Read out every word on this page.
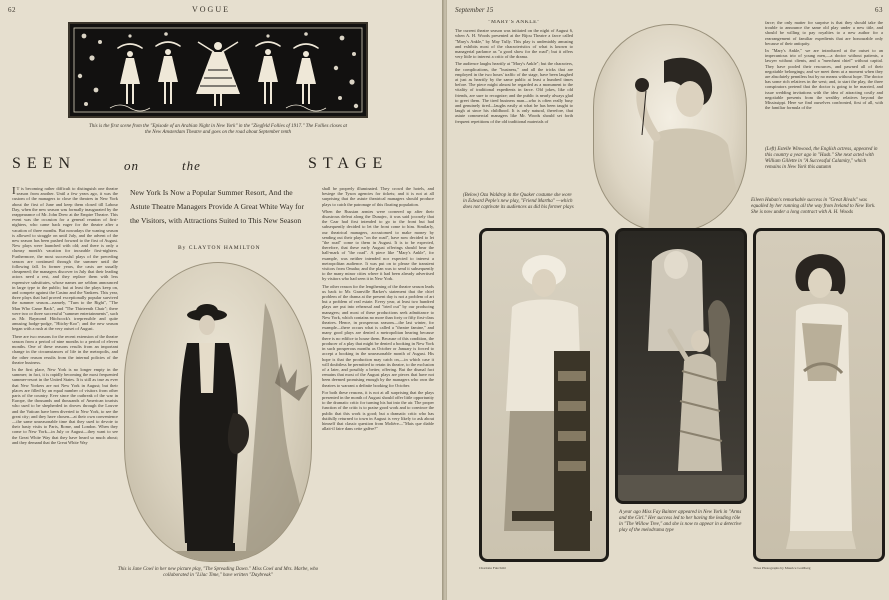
62	VOGUE
This is the first scene from the "Episode of an Arabian Night in New York" in the "Ziegfeld Follies of 1917." The Follies closes at the New Amsterdam Theatre and goes on the road about September tenth
SEEN	on	the	STAGE
New York Is Now a Popular Summer Resort, And the Astute Theatre Managers Provide A Great White Way for the Visitors, with Attractions Suited to This New Season
By CLAYTON HAMILTON

I T is becoming rather difficult to distinguish one theatre season from another. Until a few years ago, it was the custom of the managers to close the theatres in New York about the first of June and keep them closed till Labour Day, when the new season was formally inaugurated by the reappearance of Mr. John Drew at the Empire Theatre. This event was the occasion for a general reunion of first-nighters, who came back eager for the theatre after a vacation of three months. But nowadays the waning season is allowed to straggle on until July, and the advent of the new season has been pushed forward to the first of August. New plays were launched with old; and there is only a clumsy month's vacation for incurable first-nighters. Furthermore, the most successful plays of the preceding season are continued through the summer until the following fall. In former years, the casts are usually cheapened; the managers discover in July that their leading actors need a rest, and they replace them with less expensive substitutes, whose names are seldom announced in large type to the public; but at least the plays keep on, and compete against the Casino and the Yankees. This year, three plays that had proved exceptionally popular survived the summer season—namely, "Turn to the Right", "The Man Who Came Back", and "The Thirteenth Chair"; there were two or three successful "summer entertainments", such as Mr. Raymond Hitchcock's irrepressible and quite amusing hodge-podge, "Hitchy-Koo"; and the new season began with a rush at the very outset of August.

There are two reasons for the recent extension of the theatre season from a period of nine months to a period of eleven months. One of these reasons results from an important change in the circumstances of life in the metropolis, and the other reason results from the internal policies of the theatre business.

In the first place, New York is no longer empty in the summer; in fact, it is rapidly becoming the most frequented summer-resort in the United States. It is still as true as ever that New Yorkers are not New York in August; but their places are filled by an equal number of visitors from other parts of the country. Ever since the outbreak of the war in Europe, the thousands and thousands of American tourists who used to be shepherded in droves through the Louvre and the Vatican have been diverted to New York, to see the great city; and they have chosen—at their own convenience—the same unseasonable time that they used to devote to their hasty visits to Paris, Rome, and London. When they come to New York—in July or August—they want to see the Great White Way that they have heard so much about; and they demand that the Great White Way

shall be properly illuminated. They crowd the hotels, and besiege the Tyson agencies for tickets; and it is not at all surprising that the astute theatrical managers should produce plays to catch the patronage of this floating population.

When the Russian armies were cornered up after their disastrous defeat along the Dunajec, it was said jocosely that the Czar had first intended to go to the front but had subsequently decided to let the front come to him. Similarly, our theatrical managers, accustomed to make money by sending out their plays "on the road", have now decided to let "the road" come to them in August. It is to be expected, therefore, that these early August offerings should bear the hall-mark of "the road". A piece like "Mary's Ankle", for example, was neither intended nor expected to interest a metropolitan audience. It was put on to please the transient visitors from Omaha; and the plan was to send it subsequently to the many minor cities where it had been already advertised by visitors who had seen it in New York.

The other reason for the lengthening of the theatre season leads us back to Mr. Granville Barker's statement that the chief problem of the drama at the present day is not a problem of art but a problem of real estate. Every year, at least two hundred plays are put into rehearsal and "tried out" by our producing managers; and most of these productions seek admittance to New York, which contains no more than forty or fifty first-class theatres. Hence, in prosperous seasons—the last winter, for example—there occurs what is called a "theatre famine," and many good plays are denied a metropolitan hearing because there is no edifice to house them. Because of this condition, the producer of a play that might be denied a booking in New York in such prosperous months as October or January is forced to accept a booking in the unseasonable month of August. His hope is that the production may catch on,—in which case it will doubtless be permitted to retain its theatre, to the exclusion of a later, and possibly a better, offering. But the dismal fact remains that most of the August plays are pieces that have not been deemed promising enough by the managers who own the theatres to warrant a definite booking for October.

For both these reasons, it is not at all surprising that the plays presented in the month of August should offer little opportunity to the dramatic critic for turning his hat into the air. The proper function of the critic is to praise good work and to convince the public that this work is good; but a dramatic critic who has dutifully returned to town in August is very likely to ask about himself that classic question from Molière—"Mais que diable allait-il faire dans cette galère?"

This is Jane Cowl in her new picture play, "The Spreading Dawn." Miss Cowl and Mrs. Marbe, who collaborated in "Lilac Time," have written "Daybreak"
September 15	63

"MARY'S ANKLE"

The current theatre season was initiated on the night of August 6, when A. H. Woods presented at the Bijou Theatre a farce called "Mary's Ankle," by May Tully. This play is undeniably amusing and exhibits most of the characteristics of what is known to managerial parlance as "a good show for the road"; but it offers very little to interest a critic of the drama.

The audience laughs heartily at "Mary's Ankle"; but the characters, the complications, the "business," and all the tricks that are employed in the two hours' traffic of the stage, have been laughed at just as heartily by the same public at least a hundred times before. The piece might almost be regarded as a monument to the vitality of traditional expedients in farce. Old jokes, like old friends, are sure to recognize; and the public is nearly always glad to greet them. The tired business man—who is often really busy and genuinely tired—laughs easily at what he has been taught to laugh at since his childhood. It is only natural, therefore, that astute commercial managers like Mr. Woods should set forth frequent repetitions of the old traditional materials of

farce; the only matter for surprise is that they should take the trouble to announce the same old play under a new title, and should be willing to pay royalties to a new author for a rearrangement of familiar expedients that are honourable only because of their antiquity.

In "Mary's Ankle," we are introduced at the outset to an impecunious trio of young men,—a doctor without patients, a lawyer without clients, and a "merchant chief" without capital. They have pooled their resources, and pawned all of their negotiable belongings; and we meet them at a moment when they are absolutely penniless but by no means without hope. The doctor has some rich relatives in the west; and, to start the play, the three conspirators pretend that the doctor is going to be married, and issue wedding invitations with the idea of attracting costly and negotiable presents from the wealthy relatives beyond the Mississippi. Here we find ourselves confronted, first of all, with the familiar formula of the

(Left) Estelle Winwood, the English actress, appeared in this country a year ago in "Hush." She next acted with William Gillette in "A Successful Calamity," which remains in New York this autumn
(Below) Oza Waldrop in the Quaker costume she wore in Edward Peple's new play, "Friend Martha" —which does not captivate its audiences as did his former plays
Eileen Huban's remarkable success in "Great Rivals" was equalled by her running all the way from Ireland to New York. She is now under a long contract with A. H. Woods
Charlotte Fairchild
A year ago Miss Fay Bainter appeared in New York in "Arms and the Girl." Her success led to her having the leading rôle in "The Willow Tree," and she is now to appear in a detective play of the melodrama type
Three Photographs by Maurice Goldberg
